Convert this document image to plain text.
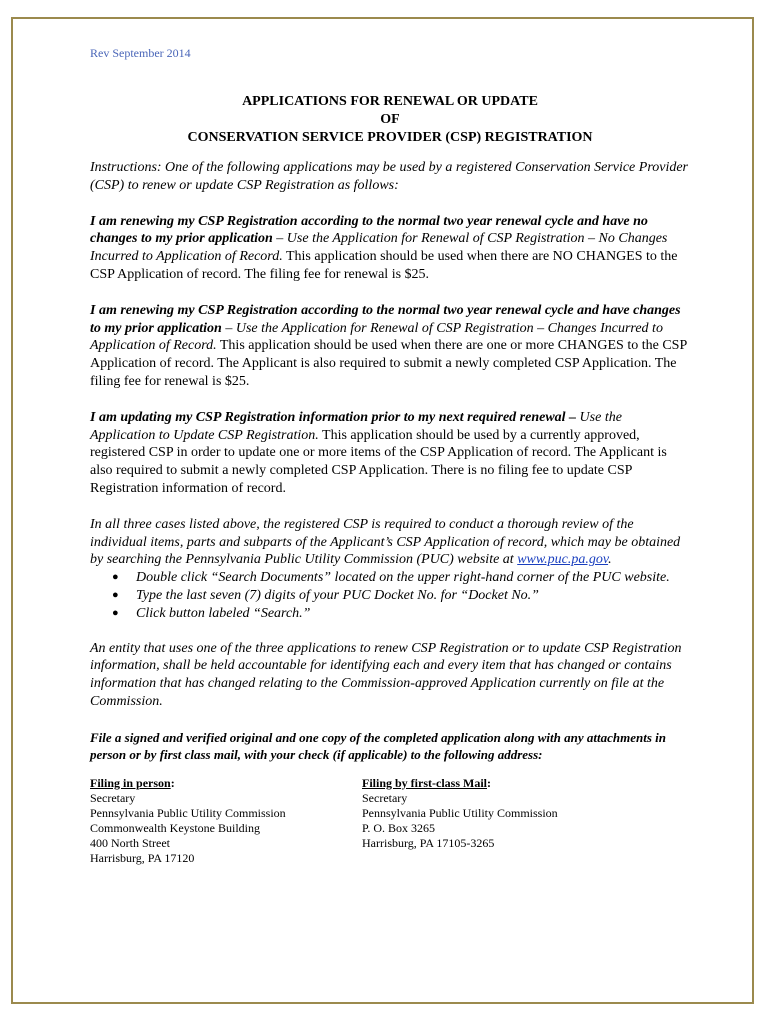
Rev September 2014
APPLICATIONS FOR RENEWAL OR UPDATE
OF
CONSERVATION SERVICE PROVIDER (CSP) REGISTRATION

Instructions: One of the following applications may be used by a registered Conservation Service Provider (CSP) to renew or update CSP Registration as follows:

I am renewing my CSP Registration according to the normal two year renewal cycle and have no changes to my prior application – Use the Application for Renewal of CSP Registration – No Changes Incurred to Application of Record. This application should be used when there are NO CHANGES to the CSP Application of record. The filing fee for renewal is $25.

I am renewing my CSP Registration according to the normal two year renewal cycle and have changes to my prior application – Use the Application for Renewal of CSP Registration – Changes Incurred to Application of Record. This application should be used when there are one or more CHANGES to the CSP Application of record. The Applicant is also required to submit a newly completed CSP Application. The filing fee for renewal is $25.

I am updating my CSP Registration information prior to my next required renewal – Use the Application to Update CSP Registration. This application should be used by a currently approved, registered CSP in order to update one or more items of the CSP Application of record. The Applicant is also required to submit a newly completed CSP Application. There is no filing fee to update CSP Registration information of record.

In all three cases listed above, the registered CSP is required to conduct a thorough review of the individual items, parts and subparts of the Applicant’s CSP Application of record, which may be obtained by searching the Pennsylvania Public Utility Commission (PUC) website at www.puc.pa.gov.

● Double click “Search Documents” located on the upper right-hand corner of the PUC website.
● Type the last seven (7) digits of your PUC Docket No. for “Docket No.”
● Click button labeled “Search.”

An entity that uses one of the three applications to renew CSP Registration or to update CSP Registration information, shall be held accountable for identifying each and every item that has changed or contains information that has changed relating to the Commission-approved Application currently on file at the Commission.

File a signed and verified original and one copy of the completed application along with any attachments in person or by first class mail, with your check (if applicable) to the following address:
Filing in person:
Secretary
Pennsylvania Public Utility Commission
Commonwealth Keystone Building
400 North Street
Harrisburg, PA 17120
Filing by first-class Mail:
Secretary
Pennsylvania Public Utility Commission
P. O. Box 3265
Harrisburg, PA 17105-3265
